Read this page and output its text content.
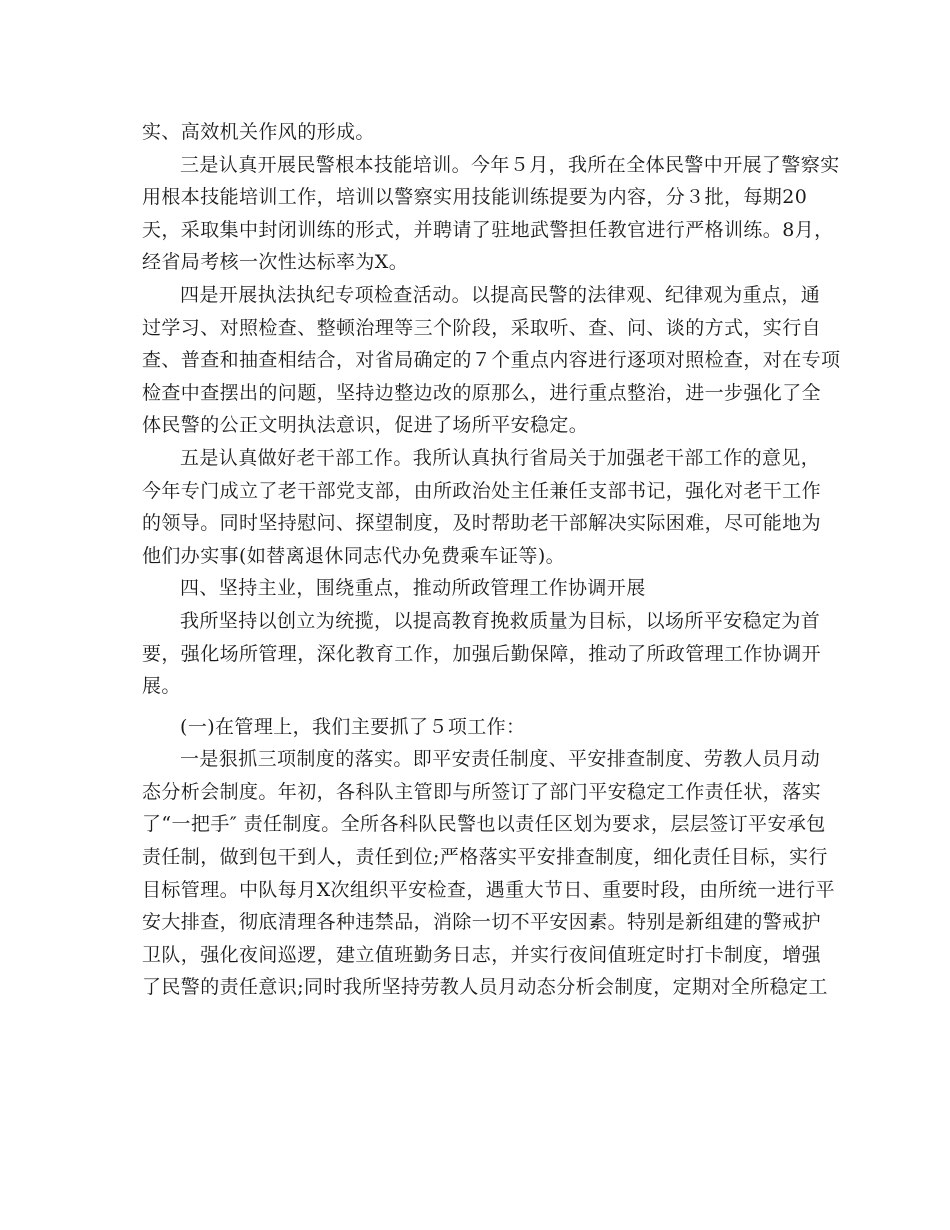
实、高效机关作风的形成。
三是认真开展民警根本技能培训。今年５月，我所在全体民警中开展了警察实
用根本技能培训工作，培训以警察实用技能训练提要为内容，分３批，每期20
天，采取集中封闭训练的形式，并聘请了驻地武警担任教官进行严格训练。8月，
经省局考核一次性达标率为X。
四是开展执法执纪专项检查活动。以提高民警的法律观、纪律观为重点，通
过学习、对照检查、整顿治理等三个阶段，采取听、查、问、谈的方式，实行自
查、普查和抽查相结合，对省局确定的７个重点内容进行逐项对照检查，对在专项
检查中查摆出的问题，坚持边整边改的原那么，进行重点整治，进一步强化了全
体民警的公正文明执法意识，促进了场所平安稳定。
五是认真做好老干部工作。我所认真执行省局关于加强老干部工作的意见，
今年专门成立了老干部党支部，由所政治处主任兼任支部书记，强化对老干工作
的领导。同时坚持慰问、探望制度，及时帮助老干部解决实际困难，尽可能地为
他们办实事(如替离退休同志代办免费乘车证等)。
四、坚持主业，围绕重点，推动所政管理工作协调开展
我所坚持以创立为统揽，以提高教育挽救质量为目标，以场所平安稳定为首
要，强化场所管理，深化教育工作，加强后勤保障，推动了所政管理工作协调开
展。
(一)在管理上，我们主要抓了５项工作：
一是狠抓三项制度的落实。即平安责任制度、平安排查制度、劳教人员月动
态分析会制度。年初，各科队主管即与所签订了部门平安稳定工作责任状，落实
了“一把手″ 责任制度。全所各科队民警也以责任区划为要求，层层签订平安承包
责任制，做到包干到人，责任到位;严格落实平安排查制度，细化责任目标，实行
目标管理。中队每月X次组织平安检查，遇重大节日、重要时段，由所统一进行平
安大排查，彻底清理各种违禁品，消除一切不平安因素。特别是新组建的警戒护
卫队，强化夜间巡逻，建立值班勤务日志，并实行夜间值班定时打卡制度，增强
了民警的责任意识;同时我所坚持劳教人员月动态分析会制度，定期对全所稳定工
